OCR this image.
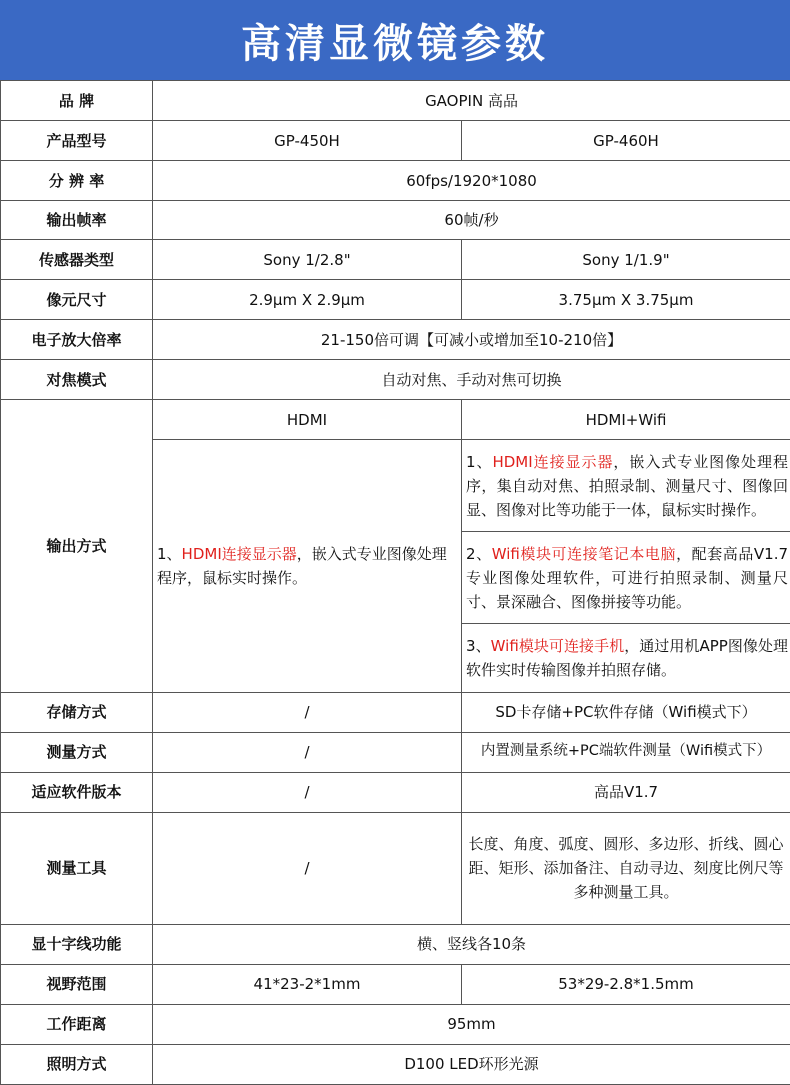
高清显微镜参数
品 牌	GAOPIN 高品	
产品型号	GP-450H	GP-460H
分 辨 率	60fps/1920*1080	
输出帧率	60帧/秒	
传感器类型	Sony 1/2.8"	Sony 1/1.9"
像元尺寸	2.9μm X 2.9μm	3.75μm X 3.75μm
电子放大倍率	21-150倍可调【可减小或增加至10-210倍】	
对焦模式	自动对焦、手动对焦可切换	
输出方式	HDMI	HDMI+Wifi
	1、HDMI连接显示器，嵌入式专业图像处理程序，鼠标实时操作。	1、HDMI连接显示器，嵌入式专业图像处理程序，集自动对焦、拍照录制、测量尺寸、图像回显、图像对比等功能于一体，鼠标实时操作。
		2、Wifi模块可连接笔记本电脑，配套高品V1.7专业图像处理软件，可进行拍照录制、测量尺寸、景深融合、图像拼接等功能。
		3、Wifi模块可连接手机，通过用机APP图像处理软件实时传输图像并拍照存储。
存储方式	/	SD卡存储+PC软件存储（Wifi模式下）
测量方式	/	内置测量系统+PC端软件测量（Wifi模式下）
适应软件版本	/	高品V1.7
测量工具	/	长度、角度、弧度、圆形、多边形、折线、圆心距、矩形、添加备注、自动寻边、刻度比例尺等多种测量工具。
显十字线功能	横、竖线各10条	
视野范围	41*23-2*1mm	53*29-2.8*1.5mm
工作距离	95mm	
照明方式	D100 LED环形光源	
